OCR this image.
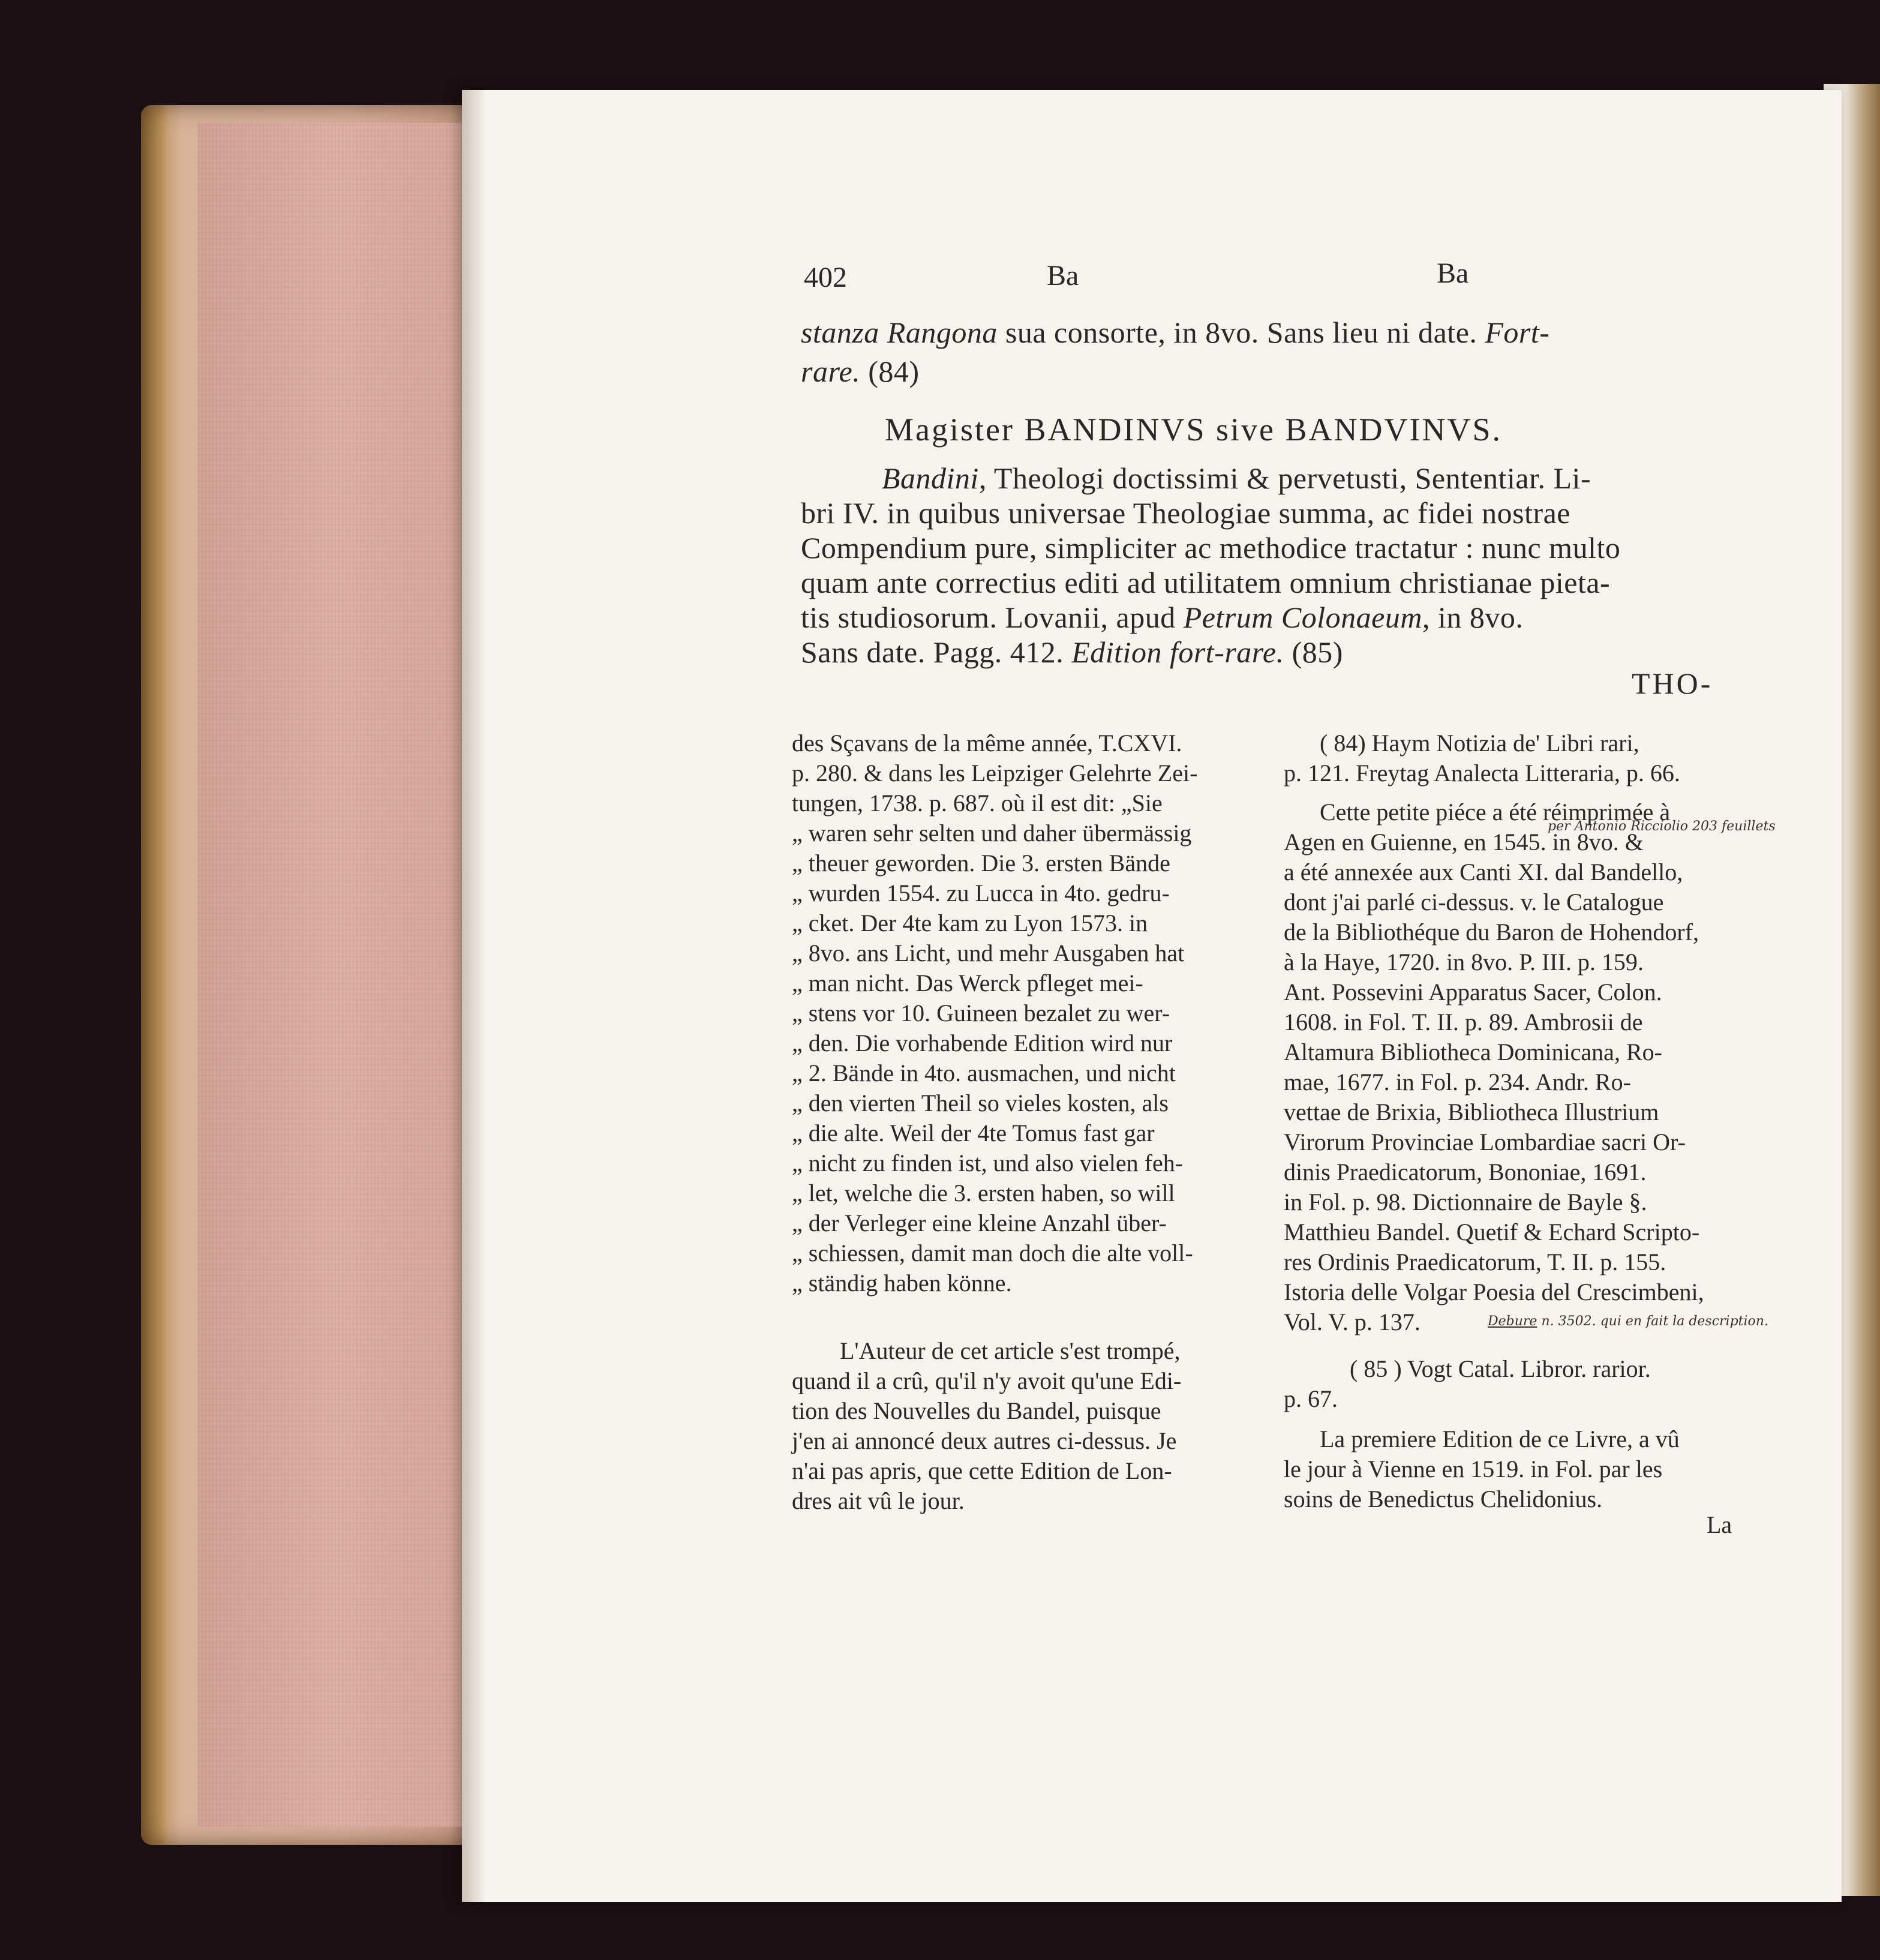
402	Ba	Ba
stanza Rangona sua consorte, in 8vo. Sans lieu ni date. Fort-
rare. (84)
Magister BANDINVS sive BANDVINVS.
Bandini, Theologi doctissimi & pervetusti, Sententiar. Li-
bri IV. in quibus universae Theologiae summa, ac fidei nostrae
Compendium pure, simpliciter ac methodice tractatur : nunc multo
quam ante correctius editi ad utilitatem omnium christianae pieta-
tis studiosorum. Lovanii, apud Petrum Colonaeum, in 8vo.
Sans date. Pagg. 412. Edition fort-rare. (85)
THO-
des Sçavans de la même année, T.CXVI.
p. 280. & dans les Leipziger Gelehrte Zei-
tungen, 1738. p. 687. où il est dit: „Sie
„ waren sehr selten und daher übermässig
„ theuer geworden. Die 3. ersten Bände
„ wurden 1554. zu Lucca in 4to. gedru-
„ cket. Der 4te kam zu Lyon 1573. in
„ 8vo. ans Licht, und mehr Ausgaben hat
„ man nicht. Das Werck pfleget mei-
„ stens vor 10. Guineen bezalet zu wer-
„ den. Die vorhabende Edition wird nur
„ 2. Bände in 4to. ausmachen, und nicht
„ den vierten Theil so vieles kosten, als
„ die alte. Weil der 4te Tomus fast gar
„ nicht zu finden ist, und also vielen feh-
„ let, welche die 3. ersten haben, so will
„ der Verleger eine kleine Anzahl über-
„ schiessen, damit man doch die alte voll-
„ ständig haben könne.
L'Auteur de cet article s'est trompé,
quand il a crû, qu'il n'y avoit qu'une Edi-
tion des Nouvelles du Bandel, puisque
j'en ai annoncé deux autres ci-dessus. Je
n'ai pas apris, que cette Edition de Lon-
dres ait vû le jour.
( 84) Haym Notizia de' Libri rari,
p. 121. Freytag Analecta Litteraria, p. 66.
Cette petite piéce a été réimprimée à
Agen en Guienne, en 1545. in 8vo. &
a été annexée aux Canti XI. dal Bandello,
dont j'ai parlé ci-dessus. v. le Catalogue
de la Bibliothéque du Baron de Hohendorf,
à la Haye, 1720. in 8vo. P. III. p. 159.
Ant. Possevini Apparatus Sacer, Colon.
1608. in Fol. T. II. p. 89. Ambrosii de
Altamura Bibliotheca Dominicana, Ro-
mae, 1677. in Fol. p. 234. Andr. Ro-
vettae de Brixia, Bibliotheca Illustrium
Virorum Provinciae Lombardiae sacri Or-
dinis Praedicatorum, Bononiae, 1691.
in Fol. p. 98. Dictionnaire de Bayle §.
Matthieu Bandel. Quetif & Echard Scripto-
res Ordinis Praedicatorum, T. II. p. 155.
Istoria delle Volgar Poesia del Crescimbeni,
Vol. V. p. 137.
( 85 ) Vogt Catal. Libror. rarior.
p. 67.
La premiere Edition de ce Livre, a vû
le jour à Vienne en 1519. in Fol. par les
soins de Benedictus Chelidonius.
La
per Antonio Ricciolio 203 feuillets
Debure n. 3502. qui en fait la description.
